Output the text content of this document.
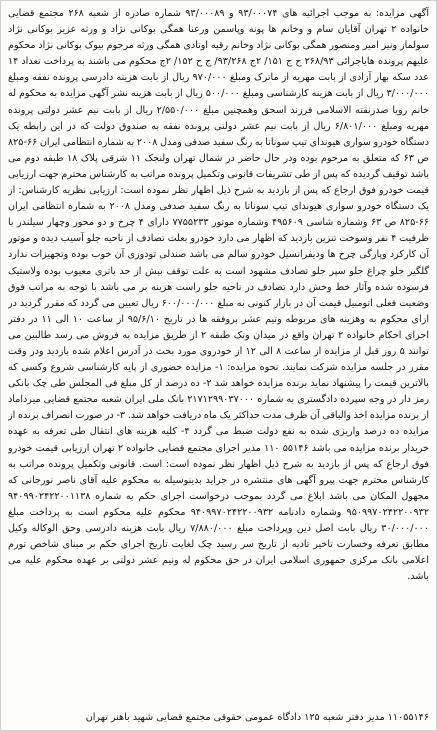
آگهی مزایده: به موجب اجرائیه های ۹۳/۰۰۰۷۴ و ۹۳/۰۰۰۸۹ شماره صادره از شعبه ۲۶۸ مجتمع قضایی خانواده ۲ تهران آقایان سام و وخانم ها پونه وپاسمن ورعنا همگی بوکانی نژاد و ورثه عزیز بوکانی نژاد سولماز ونیز امیر ومنصور همگی بوکانی نژاد وخانم رقیه اوتادی همگی ورثه مرحوم بیوک بوکانی نژاد محکوم علیهم پرونده هایاجرائی ۲۶۸/۹۳ ح ج ۱۵۱/ ۲ج ۹۳/۲۶۸/ ج ح ۱۵۲/ ۲ج محکوم می باشند به پرداخت تعداد ۱۴ عدد سکه بهار آزادی از بابت مهریه از ماترک ومبلغ ۹۷۰/۰۰۰ ریال از بابت هزینه دادرسی پرونده نفقه ومبلغ ۳/۰۰۰/۰۰۰ ریال از بابت هزینه کارشناسی ومبلغ ۵۰۰/۰۰۰ ریال از بابت هزینه نشر آگهی مزایده به محکوم له خانم رویا صدرنقته الاسلامی فرزند اسحق وهمچنین مبلغ ۲/۵۵۰/۰۰۰ ریال از بابت نیم عشر دولتی پرونده مهریه ومبلغ ۶/۸۰۱/۰۰۰ ریال از بابت نیم عشر دولتی پرونده نفقه به صندوق دولت که در این رابطه یک دستگاه خودرو سواری هیوندای تیپ سوناتا به رنگ سفید صدفی ومدل ۲۰۰۸ به شماره انتظامی ایران ۶۶-۸۲۵ ص ۶۳ که متعلق به مرحوم بوده ودر حال حاضر در شمال تهران ولنجک ۱۱ شرقی پلاک ۱۸ طبقه دوم می باشد توقیف گردیده که پس از طی تشریفات قانونی وتکمیل پرونده مراتب به کارشناس محترم جهت ارزیابی قیمت خودرو فوق ارجاع که پس از بازدید به شرح ذیل اظهار نظر نموده است: ارزیابی نظریه کارشناس: از یک دستگاه خودرو سواری هیوندای تیپ سوناتا به رنگ سفید صدفی ومدل ۲۰۰۸ به شماره انتظامی ایران ۶۶-۸۲۵ ص ۶۳ وشماره شاسی ۴۹۵۶۰۹ وشماره موتور ۷۷۵۵۲۳۳ دارای ۴ چرخ و دو محور وچهار سیلندر با ظرفیت ۴ نفر وسوخت تنزین بازدید که اظهار می دارد خودرو بعلت تصادف از ناحیه جلو آسیب دیده و موتور آن کارکرد وپارگی چرخ ها ودیفرانسیل خودرو سالم می باشد صندلی تودوزی آن خوب بوده وتجهیزات ندارد گلگیر جلو چراغ جلو سپر جلو تصادف مشهود است به علت توقف بیش از حد باتری معیوب بوده ولاستیک فرسوده شده وآثار خط وخش دارد تصادف در ناحیه جلو راست هزینه بر می باشد با توجه به مراتب فوق وضعیت فعلی اتومبیل قیمت آن در بازار کنونی به مبلغ ۶۰۰/۰۰۰/۰۰۰ ریال تعیین می گردد که مقرر گردید در ازای محکوم به وهزینه های مربوطه وتیم عشر بروفقه ها در تاریخ ۹۵/۶/۱۰ از ساعت ۱۰ الی ۱۱ در دفتر اجرای احکام خانواده ۲ تهران واقع در میدان ونک طبقه ۲ از طریق مزایده به فروش می رسد طالبین می توانند ۵ روز قبل از مزایده از ساعت ۸ الی ۱۲ از خودروی مورد بحث در آدرس اعلام شده بازدید ودر وقت مقرر در جلسه مزایده شرکت نمایند. نحوه مزایده: ۱- مزایده حضوری از پایه کارشناسی شروع وکسی که بالاترین قیمت را پیشنهاد نماید برنده مزایده خواهد شد ۲- ده درصد از کل مبلغ فی المجلس طی چک بانکی رمز دار در وجه سپرده دادگستری به شماره ۲۱۷۱۲۹۹۰۳۷۰۰۰ بانک ملی ایران شعبه مجتمع قضایی میرداماد از برنده مزایده اخذ والباقی آن ظرف مدت حداکثر یک ماه دریافت خواهد شد. ۳- در صورت انصراف برنده از مزایده ده درصد واریزی شده به نفع دولت ضبط می گردد ۴- کلیه هزینه های انتقال طی تعرفه به عهده خریدار برنده مزایده می باشد ۵۵۱۴۶ ۱۱۰ مدیر اجرای مجتمع قضایی خانواده ۲ تهران ارزیابی قیمت خودرو فوق ارجاع که پس از بازدید به شرح ذیل اظهار نظر نموده است: است. قانونی وتکمیل پرونده مراتب به کارشناس محترم جهت پیرو آگهی های منتشره در جراید بدینوسیله به محکوم علیه آقای ناصر نورجانی که مجهول المکان می باشد ابلاغ می گردد بموجب درخواست اجرای حکم به شماره ۹۴۰۹۹۰۲۴۲۲۰۰۱۱۳۸ ۹۵۰۹۹۷۰۲۴۲۲۰۰۹۳۲ وشماره دادنامه ۹۴۰۹۹۷۰۲۴۲۲۰۰۹۳۲ محکوم علیه محکوم است به پرداخت مبلغ ۳۰/۰۰۰/۰۰۰ ریال بابت اصل دین وپرداخت مبلغ ۷/۸۸۰/۰۰۰ ریال بابت هزینه دادرسی وحق الوکاله وکیل مطابق تعرفه وخسارت تاخیر تادیه از تاریخ سر رسید چک لغایت تاریخ اجرای حکم بر مبنای شاخص تورم اعلامی بانک مرکزی جمهوری اسلامی ایران در حق محکوم له ونیم عشر دولتی بر عهده محکوم علیه می باشد.

۱۱۰۵۵۱۴۶ مدیر دفتر شعبه ۱۲۵ دادگاه عمومی حقوقی مجتمع قضایی شهید باهنر تهران
